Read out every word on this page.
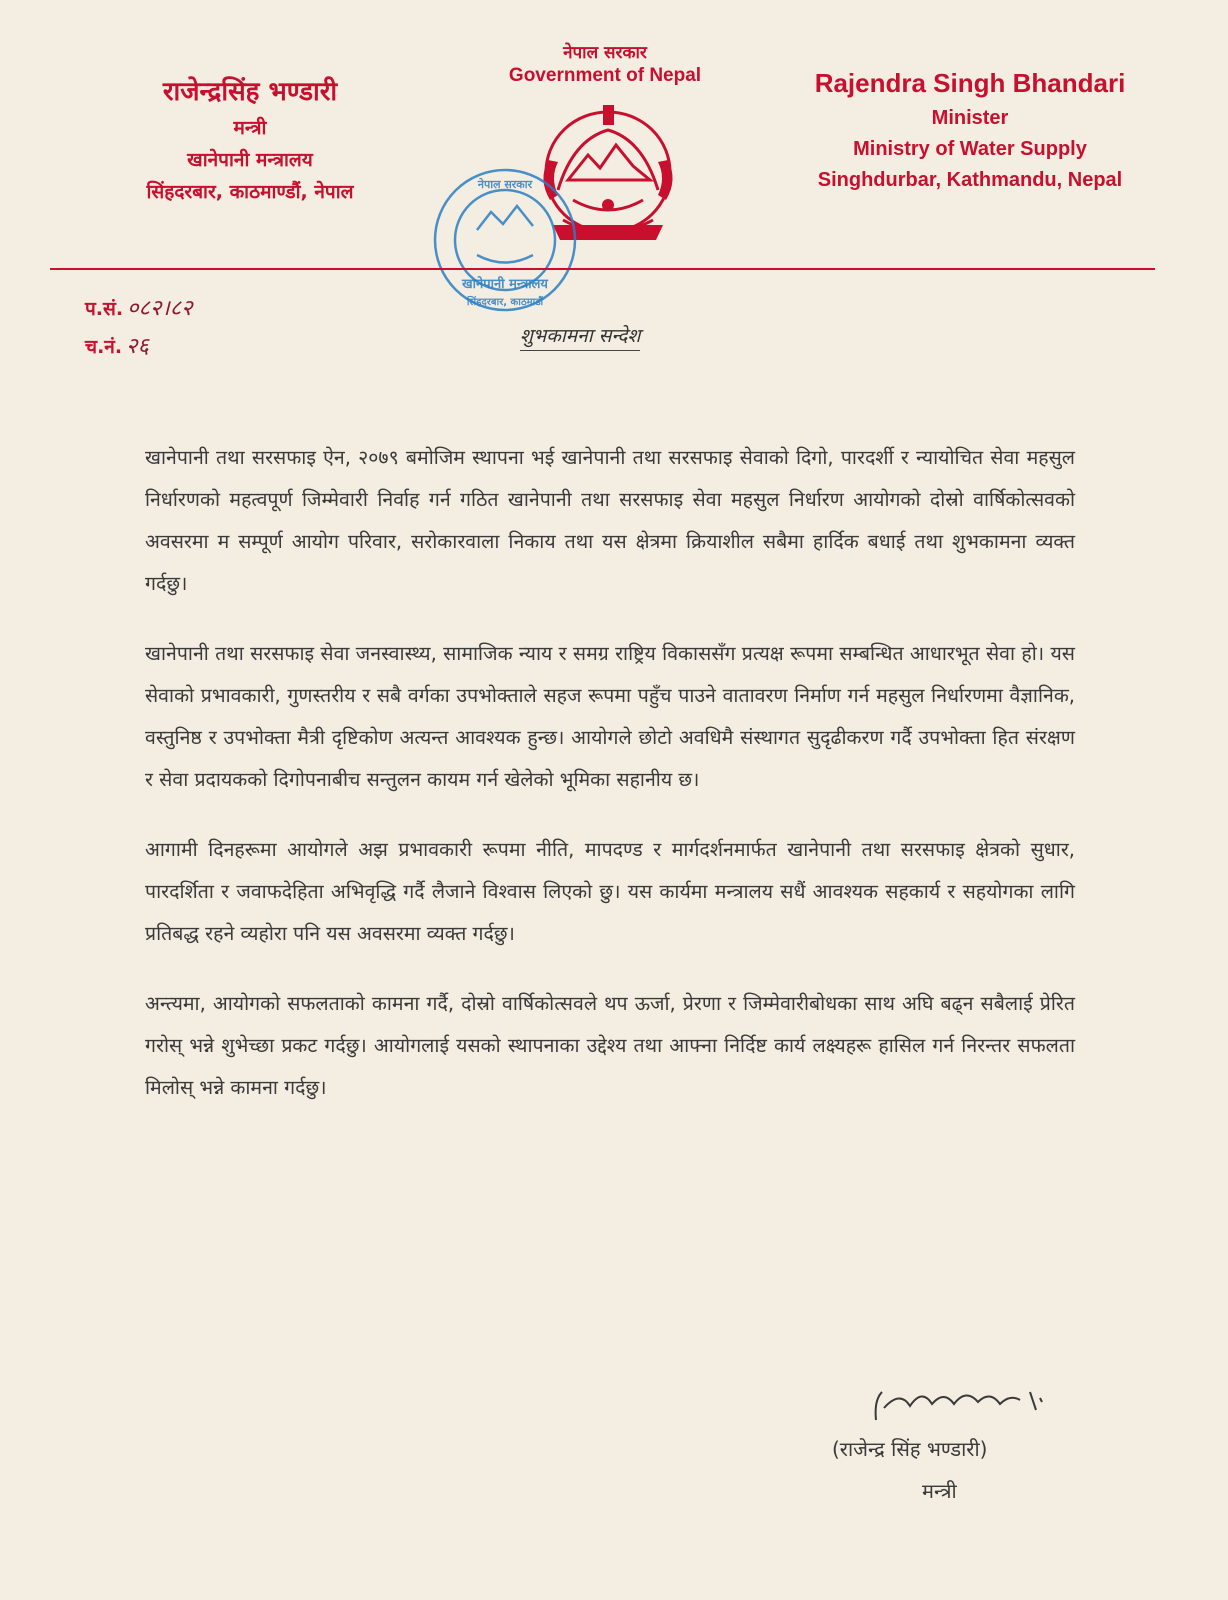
राजेन्द्रसिंह भण्डारी
मन्त्री
खानेपानी मन्त्रालय
सिंहदरबार, काठमाण्डौं, नेपाल
नेपाल सरकार
Government of Nepal	Rajendra Singh Bhandari
Minister
Ministry of Water Supply
Singhdurbar, Kathmandu, Nepal
नेपाल सरकार
खानेपानी मन्त्रालय
सिंहदरबार, काठमाडौं
प.सं. ०८२।८२
च.नं. २६	शुभकामना सन्देश

खानेपानी तथा सरसफाइ ऐन, २०७९ बमोजिम स्थापना भई खानेपानी तथा सरसफाइ सेवाको दिगो, पारदर्शी र न्यायोचित सेवा महसुल निर्धारणको महत्वपूर्ण जिम्मेवारी निर्वाह गर्न गठित खानेपानी तथा सरसफाइ सेवा महसुल निर्धारण आयोगको दोस्रो वार्षिकोत्सवको अवसरमा म सम्पूर्ण आयोग परिवार, सरोकारवाला निकाय तथा यस क्षेत्रमा क्रियाशील सबैमा हार्दिक बधाई तथा शुभकामना व्यक्त गर्दछु।

खानेपानी तथा सरसफाइ सेवा जनस्वास्थ्य, सामाजिक न्याय र समग्र राष्ट्रिय विकाससँग प्रत्यक्ष रूपमा सम्बन्धित आधारभूत सेवा हो। यस सेवाको प्रभावकारी, गुणस्तरीय र सबै वर्गका उपभोक्ताले सहज रूपमा पहुँच पाउने वातावरण निर्माण गर्न महसुल निर्धारणमा वैज्ञानिक, वस्तुनिष्ठ र उपभोक्ता मैत्री दृष्टिकोण अत्यन्त आवश्यक हुन्छ। आयोगले छोटो अवधिमै संस्थागत सुदृढीकरण गर्दै उपभोक्ता हित संरक्षण र सेवा प्रदायकको दिगोपनाबीच सन्तुलन कायम गर्न खेलेको भूमिका सहानीय छ।

आगामी दिनहरूमा आयोगले अझ प्रभावकारी रूपमा नीति, मापदण्ड र मार्गदर्शनमार्फत खानेपानी तथा सरसफाइ क्षेत्रको सुधार, पारदर्शिता र जवाफदेहिता अभिवृद्धि गर्दै लैजाने विश्वास लिएको छु। यस कार्यमा मन्त्रालय सधैं आवश्यक सहकार्य र सहयोगका लागि प्रतिबद्ध रहने व्यहोरा पनि यस अवसरमा व्यक्त गर्दछु।

अन्त्यमा, आयोगको सफलताको कामना गर्दै, दोस्रो वार्षिकोत्सवले थप ऊर्जा, प्रेरणा र जिम्मेवारीबोधका साथ अघि बढ्न सबैलाई प्रेरित गरोस् भन्ने शुभेच्छा प्रकट गर्दछु। आयोगलाई यसको स्थापनाका उद्देश्य तथा आफ्ना निर्दिष्ट कार्य लक्ष्यहरू हासिल गर्न निरन्तर सफलता मिलोस् भन्ने कामना गर्दछु।

(राजेन्द्र सिंह भण्डारी)
मन्त्री
